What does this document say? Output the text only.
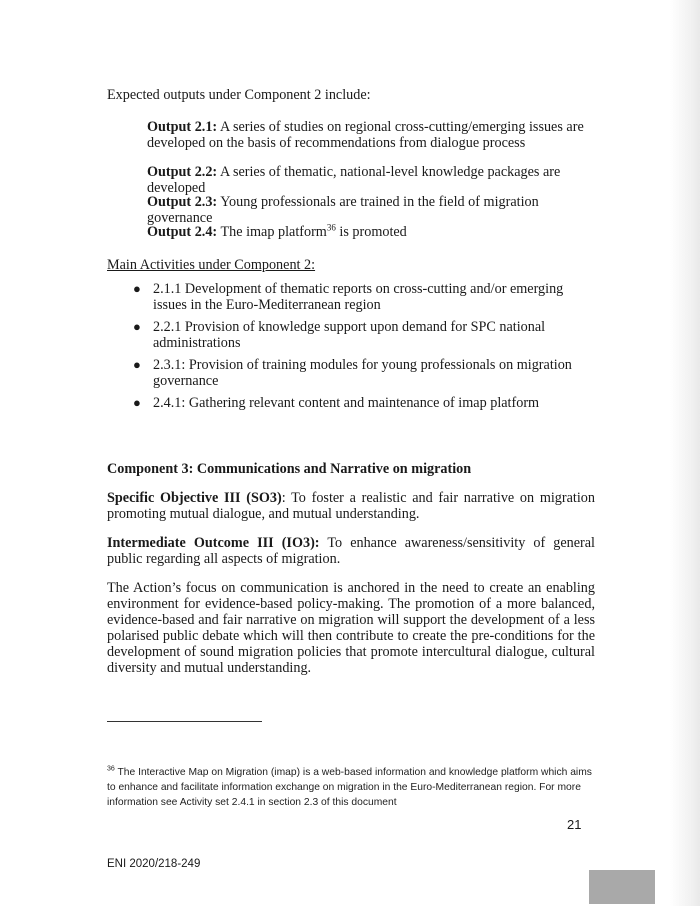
Expected outputs under Component 2 include:
Output 2.1: A series of studies on regional cross-cutting/emerging issues are developed on the basis of recommendations from dialogue process
Output 2.2: A series of thematic, national-level knowledge packages are developed
Output 2.3: Young professionals are trained in the field of migration governance
Output 2.4: The imap platform$^{36}$ is promoted
Main Activities under Component 2:
● 2.1.1 Development of thematic reports on cross-cutting and/or emerging issues in the Euro-Mediterranean region
● 2.2.1 Provision of knowledge support upon demand for SPC national administrations
● 2.3.1: Provision of training modules for young professionals on migration governance
● 2.4.1: Gathering relevant content and maintenance of imap platform
Component 3: Communications and Narrative on migration
Specific Objective III (SO3): To foster a realistic and fair narrative on migration promoting mutual dialogue, and mutual understanding.
Intermediate Outcome III (IO3): To enhance awareness/sensitivity of general public regarding all aspects of migration.
The Action’s focus on communication is anchored in the need to create an enabling environment for evidence-based policy-making. The promotion of a more balanced, evidence-based and fair narrative on migration will support the development of a less polarised public debate which will then contribute to create the pre-conditions for the development of sound migration policies that promote intercultural dialogue, cultural diversity and mutual understanding.
$^{36}$ The Interactive Map on Migration (imap) is a web-based information and knowledge platform which aims to enhance and facilitate information exchange on migration in the Euro-Mediterranean region. For more information see Activity set 2.4.1 in section 2.3 of this document
21
ENI 2020/218-249
